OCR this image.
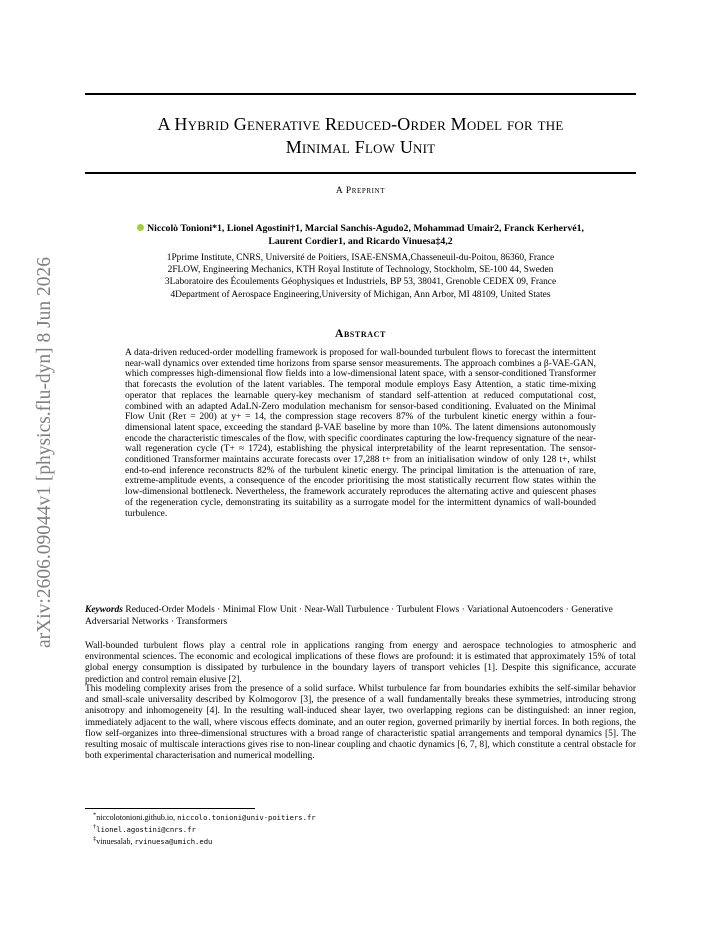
arXiv:2606.09044v1 [physics.flu-dyn] 8 Jun 2026
A Hybrid Generative Reduced-Order Model for the
Minimal Flow Unit
A Preprint
Niccolò Tonioni*1, Lionel Agostini†1, Marcial Sanchis-Agudo2, Mohammad Umair2, Franck Kerhervé1,
Laurent Cordier1, and Ricardo Vinuesa‡4,2
1Pprime Institute, CNRS, Université de Poitiers, ISAE-ENSMA,Chasseneuil-du-Poitou, 86360, France
2FLOW, Engineering Mechanics, KTH Royal Institute of Technology, Stockholm, SE-100 44, Sweden
3Laboratoire des Écoulements Géophysiques et Industriels, BP 53, 38041, Grenoble CEDEX 09, France
4Department of Aerospace Engineering,University of Michigan, Ann Arbor, MI 48109, United States
Abstract
A data-driven reduced-order modelling framework is proposed for wall-bounded turbulent flows to forecast the intermittent near-wall dynamics over extended time horizons from sparse sensor measurements. The approach combines a β-VAE-GAN, which compresses high-dimensional flow fields into a low-dimensional latent space, with a sensor-conditioned Transformer that forecasts the evolution of the latent variables. The temporal module employs Easy Attention, a static time-mixing operator that replaces the learnable query-key mechanism of standard self-attention at reduced computational cost, combined with an adapted AdaLN-Zero modulation mechanism for sensor-based conditioning. Evaluated on the Minimal Flow Unit (Reτ = 200) at y+ = 14, the compression stage recovers 87% of the turbulent kinetic energy within a four-dimensional latent space, exceeding the standard β-VAE baseline by more than 10%. The latent dimensions autonomously encode the characteristic timescales of the flow, with specific coordinates capturing the low-frequency signature of the near-wall regeneration cycle (T+ ≈ 1724), establishing the physical interpretability of the learnt representation. The sensor-conditioned Transformer maintains accurate forecasts over 17,288 t+ from an initialisation window of only 128 t+, whilst end-to-end inference reconstructs 82% of the turbulent kinetic energy. The principal limitation is the attenuation of rare, extreme-amplitude events, a consequence of the encoder prioritising the most statistically recurrent flow states within the low-dimensional bottleneck. Nevertheless, the framework accurately reproduces the alternating active and quiescent phases of the regeneration cycle, demonstrating its suitability as a surrogate model for the intermittent dynamics of wall-bounded turbulence.
Keywords Reduced-Order Models · Minimal Flow Unit · Near-Wall Turbulence · Turbulent Flows · Variational Autoencoders · Generative Adversarial Networks · Transformers
Wall-bounded turbulent flows play a central role in applications ranging from energy and aerospace technologies to atmospheric and environmental sciences. The economic and ecological implications of these flows are profound: it is estimated that approximately 15% of total global energy consumption is dissipated by turbulence in the boundary layers of transport vehicles [1]. Despite this significance, accurate prediction and control remain elusive [2].
This modeling complexity arises from the presence of a solid surface. Whilst turbulence far from boundaries exhibits the self-similar behavior and small-scale universality described by Kolmogorov [3], the presence of a wall fundamentally breaks these symmetries, introducing strong anisotropy and inhomogeneity [4]. In the resulting wall-induced shear layer, two overlapping regions can be distinguished: an inner region, immediately adjacent to the wall, where viscous effects dominate, and an outer region, governed primarily by inertial forces. In both regions, the flow self-organizes into three-dimensional structures with a broad range of characteristic spatial arrangements and temporal dynamics [5]. The resulting mosaic of multiscale interactions gives rise to non-linear coupling and chaotic dynamics [6, 7, 8], which constitute a central obstacle for both experimental characterisation and numerical modelling.
*niccolotonioni.github.io, niccolo.tonioni@univ-poitiers.fr
†lionel.agostini@cnrs.fr
‡vinuesalab, rvinuesa@umich.edu
